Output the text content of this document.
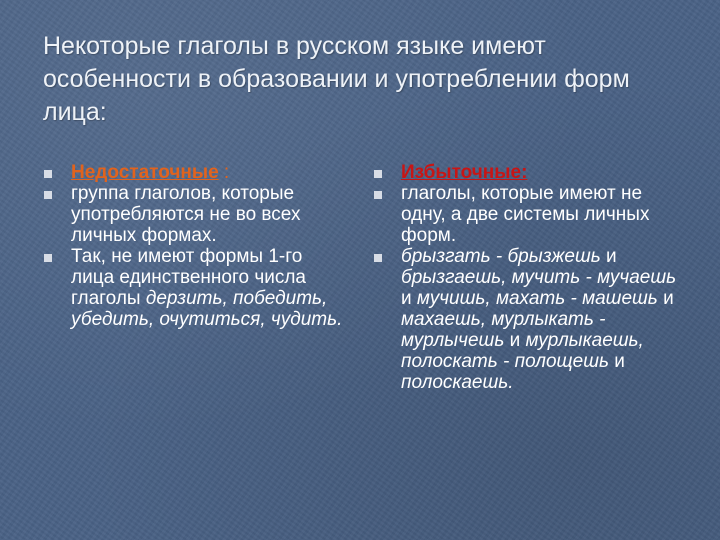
Некоторые глаголы в русском языке имеют особенности в образовании и употреблении форм лица:

Недостаточные :

группа глаголов, которые употребляются не во всех личных формах.

Так, не имеют формы 1-го лица единственного числа глаголы дерзить, победить, убедить, очутиться, чудить.

Избыточные:

глаголы, которые имеют не одну, а две системы личных форм.

брызгать - брызжешь и брызгаешь, мучить - мучаешь и мучишь, махать - машешь и махаешь, мурлыкать - мурлычешь и мурлыкаешь, полоскать - полощешь и полоскаешь.
